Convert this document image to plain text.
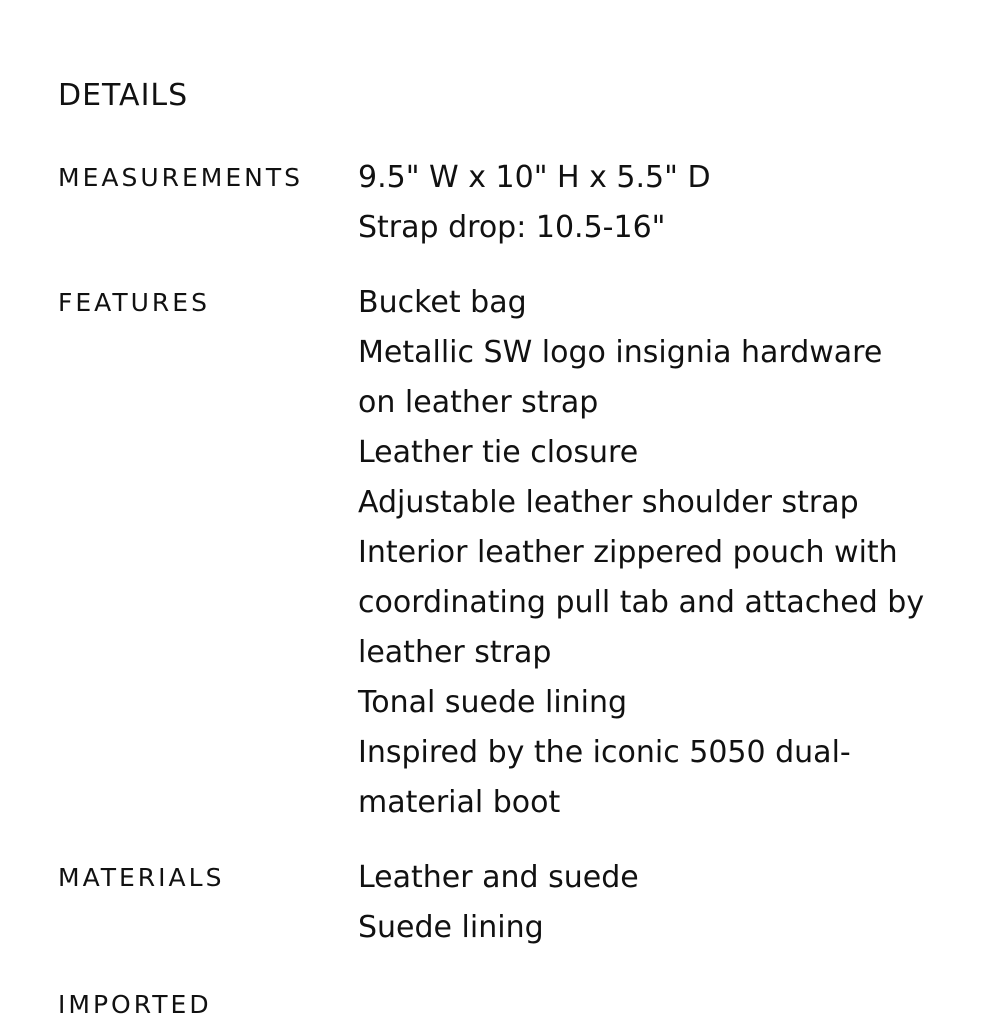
DETAILS
MEASUREMENTS 9.5" W x 10" H x 5.5" D
Strap drop: 10.5-16"
FEATURES	Bucket bag
Metallic SW logo insignia hardware
on leather strap
Leather tie closure
Adjustable leather shoulder strap
Interior leather zippered pouch with
coordinating pull tab and attached by
leather strap
Tonal suede lining
Inspired by the iconic 5050 dual-
material boot
MATERIALS	Leather and suede
Suede lining
IMPORTED
